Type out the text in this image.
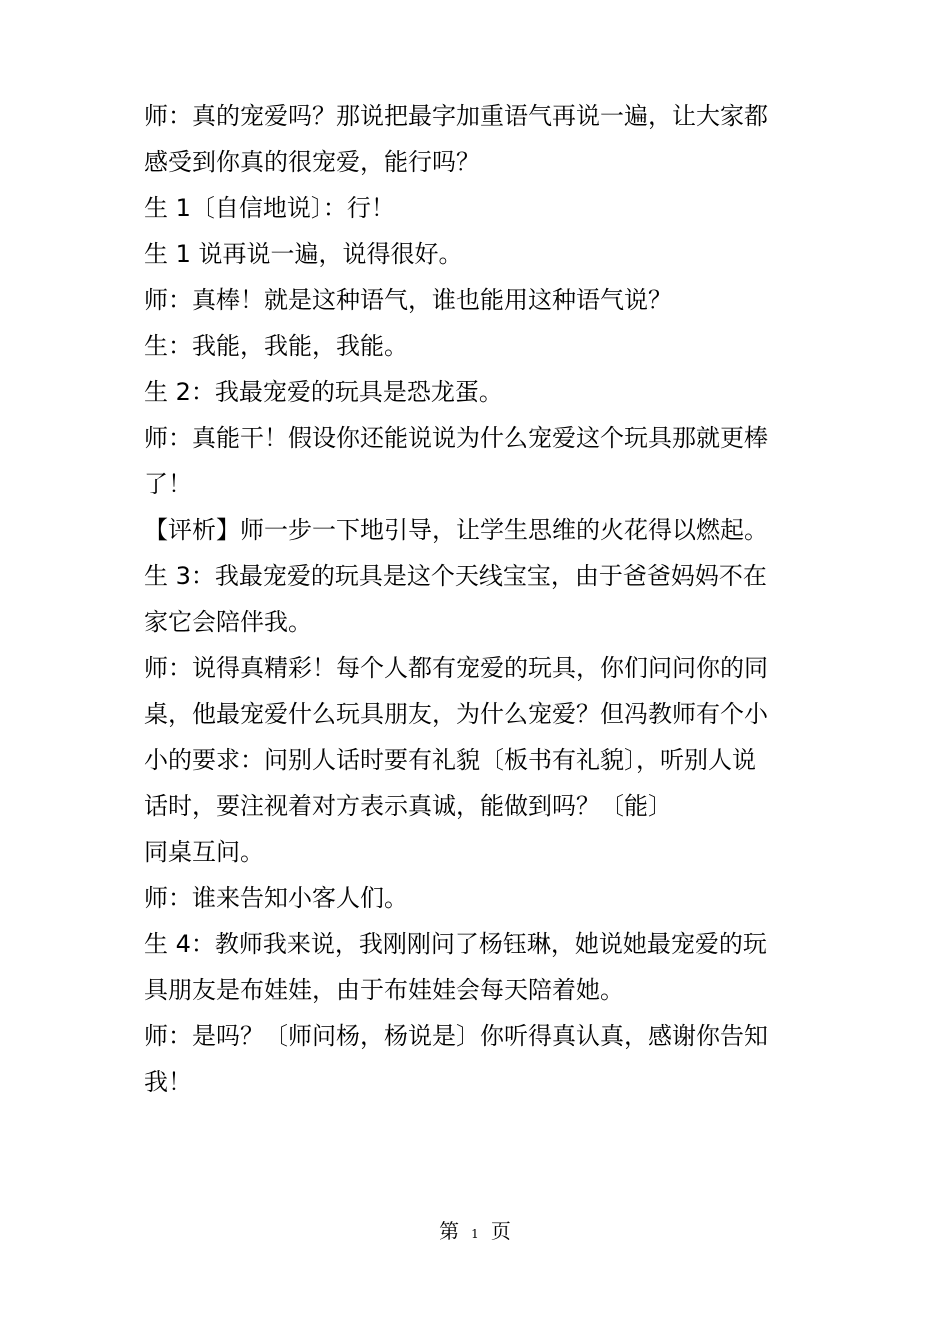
师：真的宠爱吗？那说把最字加重语气再说一遍，让大家都
感受到你真的很宠爱，能行吗？
生 1〔自信地说〕：行！
生 1 说再说一遍，说得很好。
师：真棒！就是这种语气，谁也能用这种语气说？
生：我能，我能，我能。
生 2：我最宠爱的玩具是恐龙蛋。
师：真能干！假设你还能说说为什么宠爱这个玩具那就更棒
了！
【评析】师一步一下地引导，让学生思维的火花得以燃起。
生 3：我最宠爱的玩具是这个天线宝宝，由于爸爸妈妈不在
家它会陪伴我。
师：说得真精彩！每个人都有宠爱的玩具，你们问问你的同
桌，他最宠爱什么玩具朋友，为什么宠爱？但冯教师有个小
小的要求：问别人话时要有礼貌〔板书有礼貌〕，听别人说
话时，要注视着对方表示真诚，能做到吗？〔能〕
同桌互问。
师：谁来告知小客人们。
生 4：教师我来说，我刚刚问了杨钰琳，她说她最宠爱的玩
具朋友是布娃娃，由于布娃娃会每天陪着她。
师：是吗？〔师问杨，杨说是〕你听得真认真，感谢你告知
我！
第 1 页
